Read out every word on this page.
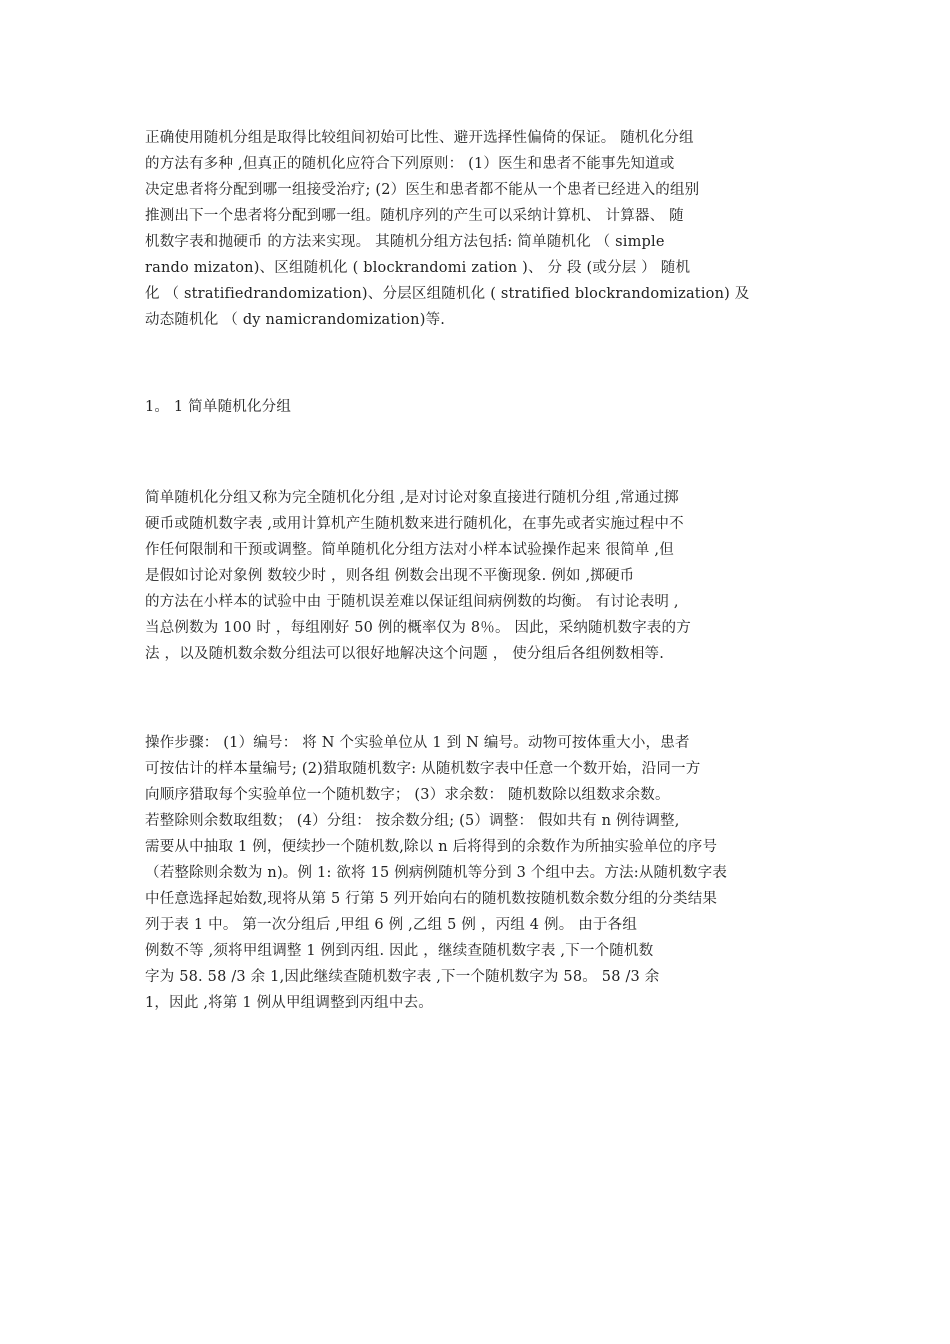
正确使用随机分组是取得比较组间初始可比性、避开选择性偏倚的保证。 随机化分组
的方法有多种 ,但真正的随机化应符合下列原则： (1）医生和患者不能事先知道或
决定患者将分配到哪一组接受治疗; (2）医生和患者都不能从一个患者已经进入的组别
推测出下一个患者将分配到哪一组。随机序列的产生可以采纳计算机、 计算器、 随
机数字表和抛硬币 的方法来实现。 其随机分组方法包括: 简单随机化 （ simple
rando mizaton)、区组随机化 ( blockrandomi zation )、 分 段 (或分层 ） 随机
化 （ stratifiedrandomization)、分层区组随机化 ( stratified blockrandomization) 及
动态随机化 （ dy namicrandomization)等.
1。 1 简单随机化分组
简单随机化分组又称为完全随机化分组 ,是对讨论对象直接进行随机分组 ,常通过掷
硬币或随机数字表 ,或用计算机产生随机数来进行随机化，在事先或者实施过程中不
作任何限制和干预或调整。简单随机化分组方法对小样本试验操作起来 很简单 ,但
是假如讨论对象例 数较少时 ，则各组 例数会出现不平衡现象. 例如 ,掷硬币
的方法在小样本的试验中由 于随机误差难以保证组间病例数的均衡。 有讨论表明 ,
当总例数为 100 时 ，每组刚好 50 例的概率仅为 8％。 因此，采纳随机数字表的方
法 ，以及随机数余数分组法可以很好地解决这个问题 ， 使分组后各组例数相等.
操作步骤： (1）编号： 将 N 个实验单位从 1 到 N 编号。动物可按体重大小，患者
可按估计的样本量编号; (2)猎取随机数字: 从随机数字表中任意一个数开始，沿同一方
向顺序猎取每个实验单位一个随机数字； (3）求余数： 随机数除以组数求余数。
若整除则余数取组数； (4）分组： 按余数分组; (5）调整： 假如共有 n 例待调整,
需要从中抽取 1 例，便续抄一个随机数,除以 n 后将得到的余数作为所抽实验单位的序号
（若整除则余数为 n)。例 1: 欲将 15 例病例随机等分到 3 个组中去。方法:从随机数字表
中任意选择起始数,现将从第 5 行第 5 列开始向右的随机数按随机数余数分组的分类结果
列于表 1 中。 第一次分组后 ,甲组 6 例 ,乙组 5 例 ，丙组 4 例。 由于各组
例数不等 ,须将甲组调整 1 例到丙组. 因此 ，继续查随机数字表 ,下一个随机数
字为 58. 58 /3 余 1,因此继续查随机数字表 ,下一个随机数字为 58。 58 /3 余
1，因此 ,将第 1 例从甲组调整到丙组中去。
